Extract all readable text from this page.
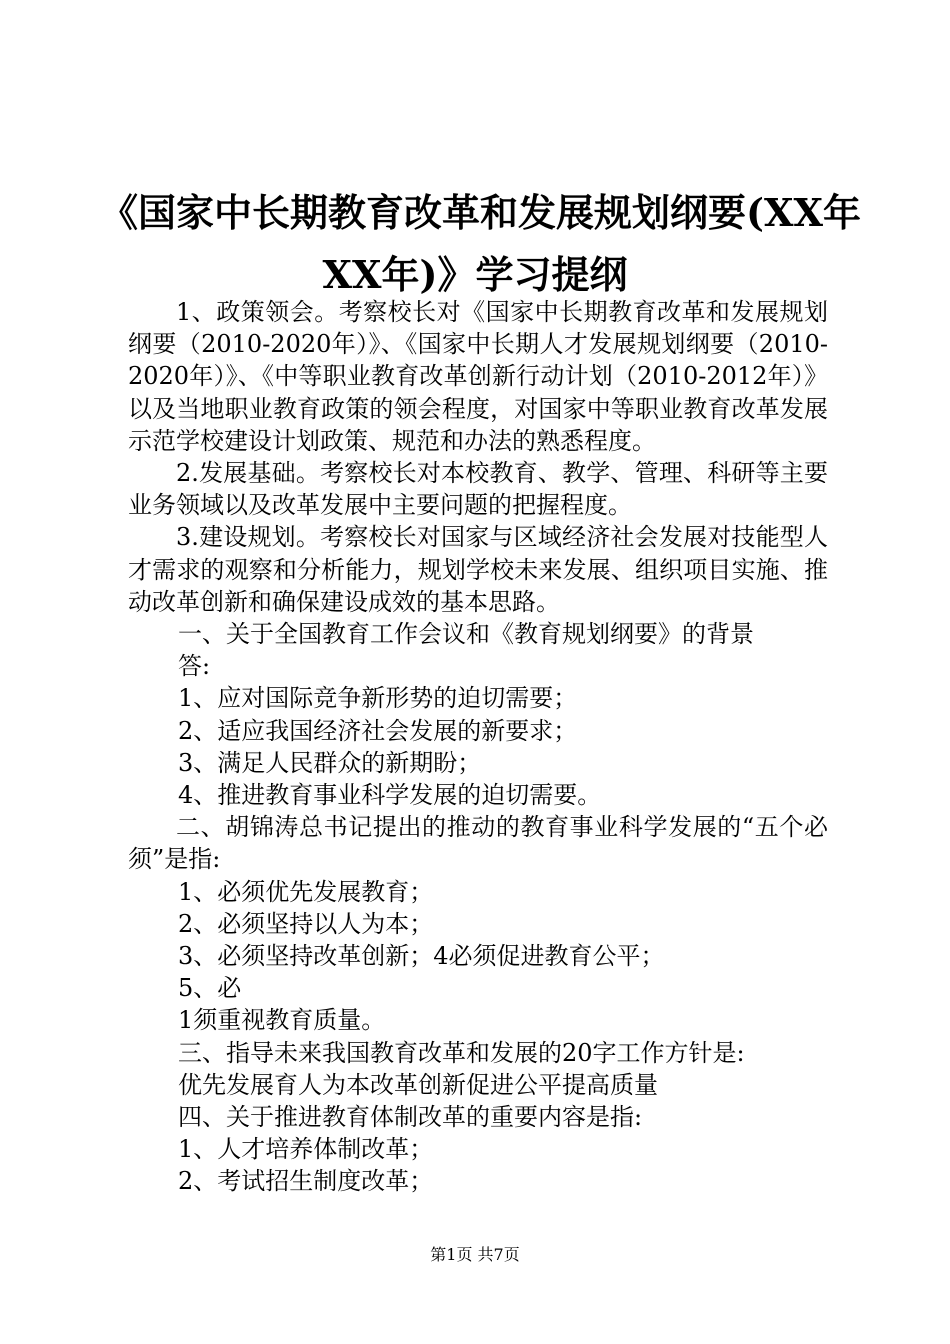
《国家中长期教育改革和发展规划纲要(XX年
XX年)》学习提纲

1、政策领会。考察校长对《国家中长期教育改革和发展规划纲要（2010-2020年）》、《国家中长期人才发展规划纲要（2010-2020年）》、《中等职业教育改革创新行动计划（2010-2012年）》以及当地职业教育政策的领会程度，对国家中等职业教育改革发展示范学校建设计划政策、规范和办法的熟悉程度。

2.发展基础。考察校长对本校教育、教学、管理、科研等主要业务领域以及改革发展中主要问题的把握程度。

3.建设规划。考察校长对国家与区域经济社会发展对技能型人才需求的观察和分析能力，规划学校未来发展、组织项目实施、推动改革创新和确保建设成效的基本思路。

一、关于全国教育工作会议和《教育规划纲要》的背景

答:

1、应对国际竞争新形势的迫切需要；

2、适应我国经济社会发展的新要求；

3、满足人民群众的新期盼；

4、推进教育事业科学发展的迫切需要。

二、胡锦涛总书记提出的推动的教育事业科学发展的“五个必须”是指:

1、必须优先发展教育；

2、必须坚持以人为本；

3、必须坚持改革创新；4必须促进教育公平；

5、必

1须重视教育质量。

三、指导未来我国教育改革和发展的20字工作方针是:

优先发展育人为本改革创新促进公平提高质量

四、关于推进教育体制改革的重要内容是指:

1、人才培养体制改革；

2、考试招生制度改革；

第1页 共7页
